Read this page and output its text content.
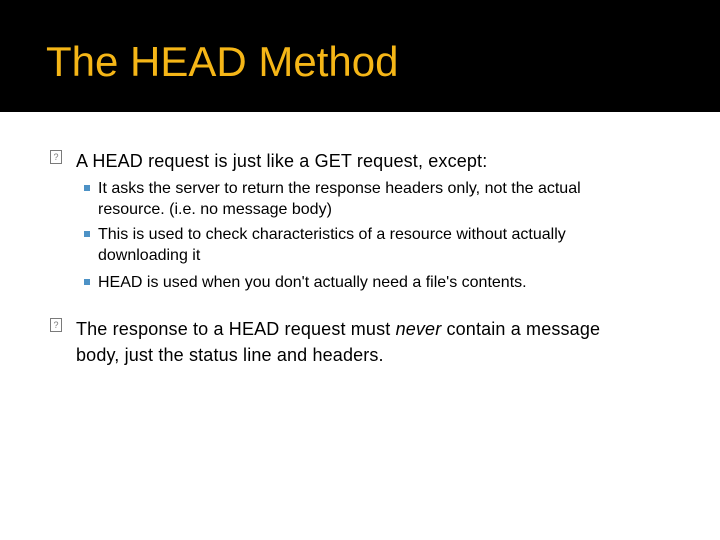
The HEAD Method
? A HEAD request is just like a GET request, except:
It asks the server to return the response headers only, not the actual
resource. (i.e. no message body)
This is used to check characteristics of a resource without actually
downloading it
HEAD is used when you don't actually need a file's contents.
? The response to a HEAD request must never contain a message
body, just the status line and headers.
